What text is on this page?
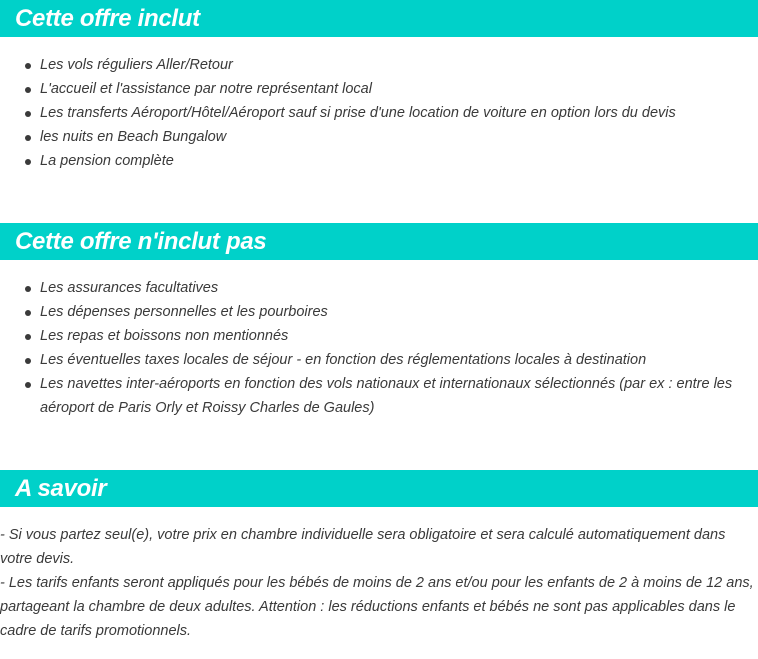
Cette offre inclut
Les vols réguliers Aller/Retour
L'accueil et l'assistance par notre représentant local
Les transferts Aéroport/Hôtel/Aéroport sauf si prise d'une location de voiture en option lors du devis
les nuits en Beach Bungalow
La pension complète
Cette offre n'inclut pas
Les assurances facultatives
Les dépenses personnelles et les pourboires
Les repas et boissons non mentionnés
Les éventuelles taxes locales de séjour - en fonction des réglementations locales à destination
Les navettes inter-aéroports en fonction des vols nationaux et internationaux sélectionnés (par ex : entre les aéroport de Paris Orly et Roissy Charles de Gaules)
A savoir

- Si vous partez seul(e), votre prix en chambre individuelle sera obligatoire et sera calculé automatiquement dans votre devis.

- Les tarifs enfants seront appliqués pour les bébés de moins de 2 ans et/ou pour les enfants de 2 à moins de 12 ans, partageant la chambre de deux adultes. Attention : les réductions enfants et bébés ne sont pas applicables dans le cadre de tarifs promotionnels.
